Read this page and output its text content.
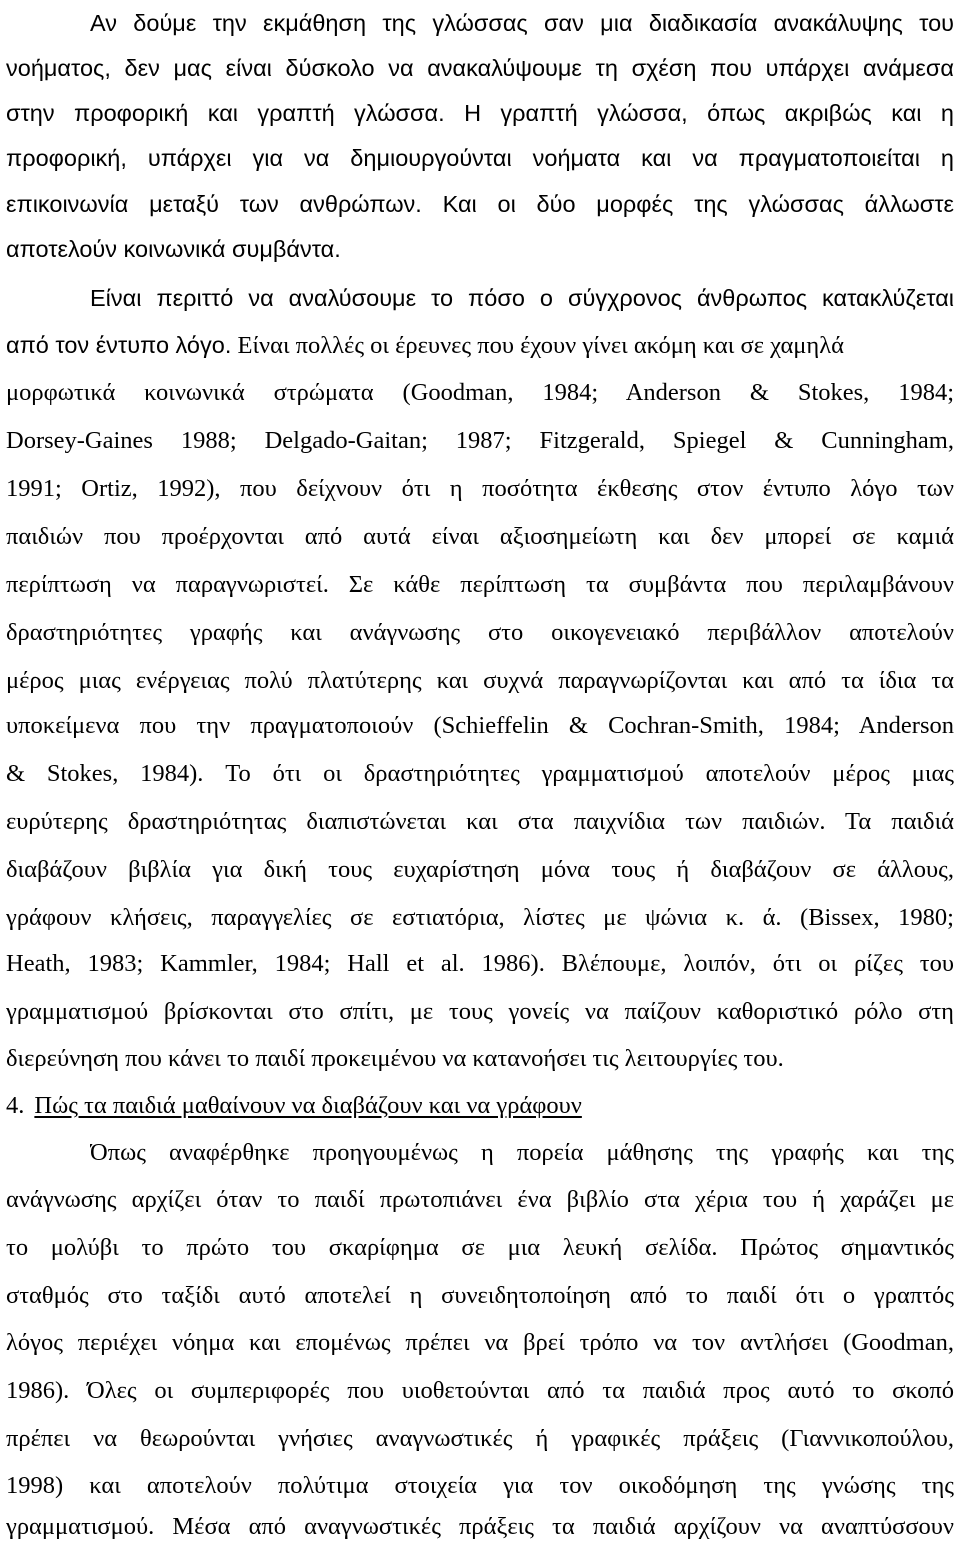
Αν δούμε την εκμάθηση της γλώσσας σαν μια διαδικασία ανακάλυψης του
νοήματος, δεν μας είναι δύσκολο να ανακαλύψουμε τη σχέση που υπάρχει ανάμεσα
στην προφορική και γραπτή γλώσσα. Η γραπτή γλώσσα, όπως ακριβώς και η
προφορική, υπάρχει για να δημιουργούνται νοήματα και να πραγματοποιείται η
επικοινωνία μεταξύ των ανθρώπων. Και οι δύο μορφές της γλώσσας άλλωστε
αποτελούν κοινωνικά συμβάντα.
Είναι περιττό να αναλύσουμε το πόσο ο σύγχρονος άνθρωπος κατακλύζεται
από τον έντυπο λόγο. Είναι πολλές οι έρευνες που έχουν γίνει ακόμη και σε χαμηλά
μορφωτικά κοινωνικά στρώματα (Goodman, 1984; Anderson & Stokes, 1984;
Dorsey-Gaines 1988; Delgado-Gaitan; 1987; Fitzgerald, Spiegel & Cunningham,
1991; Ortiz, 1992), που δείχνουν ότι η ποσότητα έκθεσης στον έντυπο λόγο των
παιδιών που προέρχονται από αυτά είναι αξιοσημείωτη και δεν μπορεί σε καμιά
περίπτωση να παραγνωριστεί. Σε κάθε περίπτωση τα συμβάντα που περιλαμβάνουν
δραστηριότητες γραφής και ανάγνωσης στο οικογενειακό περιβάλλον αποτελούν
μέρος μιας ενέργειας πολύ πλατύτερης και συχνά παραγνωρίζονται και από τα ίδια τα
υποκείμενα που την πραγματοποιούν (Schieffelin & Cochran-Smith, 1984; Anderson
& Stokes, 1984). Το ότι οι δραστηριότητες γραμματισμού αποτελούν μέρος μιας
ευρύτερης δραστηριότητας διαπιστώνεται και στα παιχνίδια των παιδιών. Τα παιδιά
διαβάζουν βιβλία για δική τους ευχαρίστηση μόνα τους ή διαβάζουν σε άλλους,
γράφουν κλήσεις, παραγγελίες σε εστιατόρια, λίστες με ψώνια κ. ά. (Bissex, 1980;
Heath, 1983; Kammler, 1984; Hall et al. 1986). Βλέπουμε, λοιπόν, ότι οι ρίζες του
γραμματισμού βρίσκονται στο σπίτι, με τους γονείς να παίζουν καθοριστικό ρόλο στη
διερεύνηση που κάνει το παιδί προκειμένου να κατανοήσει τις λειτουργίες του.
4. Πώς τα παιδιά μαθαίνουν να διαβάζουν και να γράφουν
Όπως αναφέρθηκε προηγουμένως η πορεία μάθησης της γραφής και της
ανάγνωσης αρχίζει όταν το παιδί πρωτοπιάνει ένα βιβλίο στα χέρια του ή χαράζει με
το μολύβι το πρώτο του σκαρίφημα σε μια λευκή σελίδα. Πρώτος σημαντικός
σταθμός στο ταξίδι αυτό αποτελεί η συνειδητοποίηση από το παιδί ότι ο γραπτός
λόγος περιέχει νόημα και επομένως πρέπει να βρεί τρόπο να τον αντλήσει (Goodman,
1986). Όλες οι συμπεριφορές που υιοθετούνται από τα παιδιά προς αυτό το σκοπό
πρέπει να θεωρούνται γνήσιες αναγνωστικές ή γραφικές πράξεις (Γιαννικοπούλου,
1998) και αποτελούν πολύτιμα στοιχεία για τον οικοδόμηση της γνώσης της
γραμματισμού. Μέσα από αναγνωστικές πράξεις τα παιδιά αρχίζουν να αναπτύσσουν
